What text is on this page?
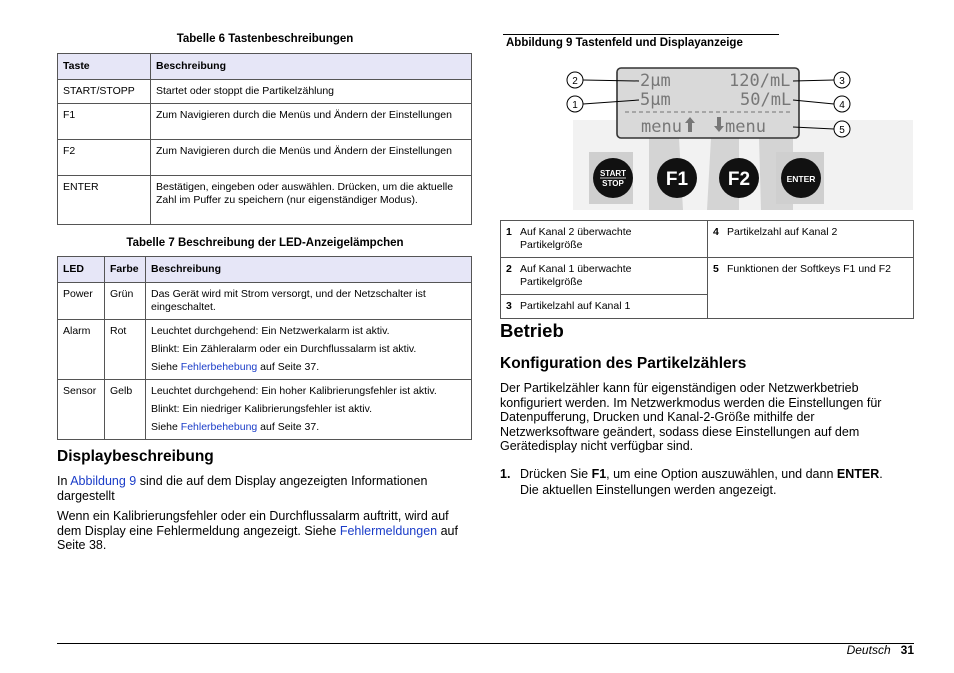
Tabelle 6 Tastenbeschreibungen
Taste	Beschreibung
START/STOPP	Startet oder stoppt die Partikelzählung
F1	Zum Navigieren durch die Menüs und Ändern der Einstellungen
F2	Zum Navigieren durch die Menüs und Ändern der Einstellungen
ENTER	Bestätigen, eingeben oder auswählen. Drücken, um die aktuelle Zahl im Puffer zu speichern (nur eigenständiger Modus).
Tabelle 7 Beschreibung der LED-Anzeigelämpchen
LED	Farbe	Beschreibung
Power	Grün	Das Gerät wird mit Strom versorgt, und der Netzschalter ist eingeschaltet.
Alarm	Rot	Leuchtet durchgehend: Ein Netzwerkalarm ist aktiv.
Blinkt: Ein Zähleralarm oder ein Durchflussalarm ist aktiv.
Siehe Fehlerbehebung auf Seite 37.

Sensor	Gelb	Leuchtet durchgehend: Ein hoher Kalibrierungsfehler ist aktiv.
Blinkt: Ein niedriger Kalibrierungsfehler ist aktiv.
Siehe Fehlerbehebung auf Seite 37.
Displaybeschreibung

In Abbildung 9 sind die auf dem Display angezeigten Informationen dargestellt

Wenn ein Kalibrierungsfehler oder ein Durchflussalarm auftritt, wird auf dem Display eine Fehlermeldung angezeigt. Siehe Fehlermeldungen auf Seite 38.

Abbildung 9 Tastenfeld und Displayanzeige
2µm	120/mL
5µm	50/mL
menu	menu
2
1
3
4
5
START
STOP F1 F2	ENTER
1 Auf Kanal 2 überwachte Partikelgröße	4 Partikelzahl auf Kanal 2
2 Auf Kanal 1 überwachte Partikelgröße	5 Funktionen der Softkeys F1 und F2
3 Partikelzahl auf Kanal 1	
Betrieb
Konfiguration des Partikelzählers

Der Partikelzähler kann für eigenständigen oder Netzwerkbetrieb konfiguriert werden. Im Netzwerkmodus werden die Einstellungen für Datenpufferung, Drucken und Kanal-2-Größe mithilfe der Netzwerksoftware geändert, sodass diese Einstellungen auf dem Gerätedisplay nicht verfügbar sind.

1. Drücken Sie F1, um eine Option auszuwählen, und dann ENTER.
Die aktuellen Einstellungen werden angezeigt.
Deutsch 31
